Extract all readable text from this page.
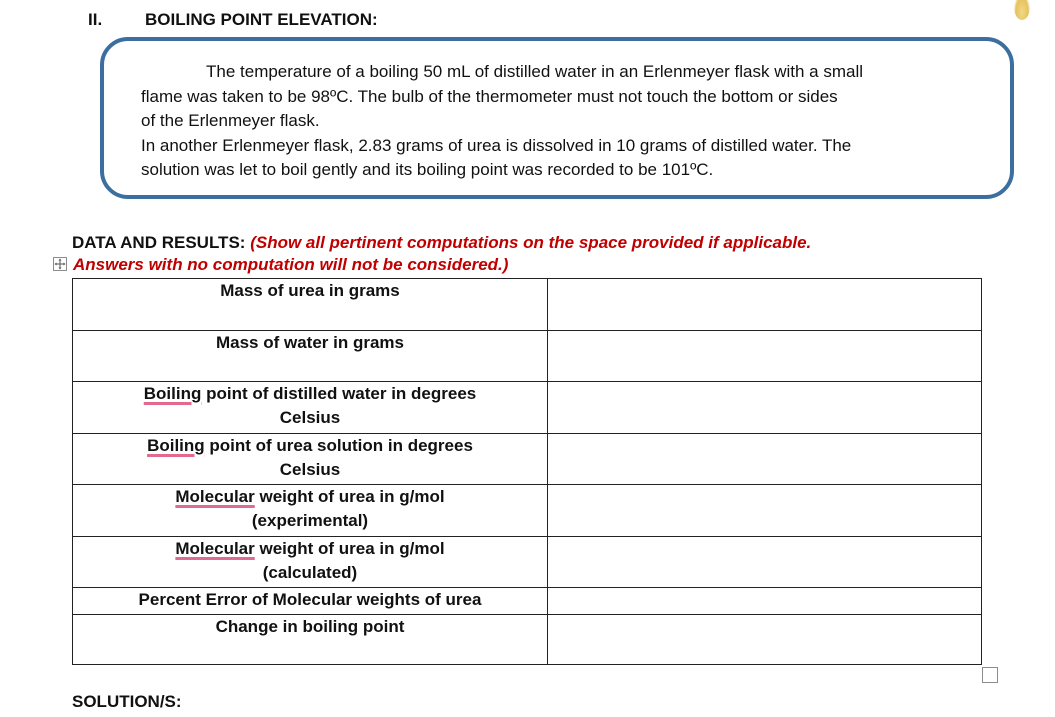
II.	BOILING POINT ELEVATION:

The temperature of a boiling 50 mL of distilled water in an Erlenmeyer flask with a small

flame was taken to be 98ºC. The bulb of the thermometer must not touch the bottom or sides

of the Erlenmeyer flask.

In another Erlenmeyer flask, 2.83 grams of urea is dissolved in 10 grams of distilled water. The

solution was let to boil gently and its boiling point was recorded to be 101ºC.

DATA AND RESULTS: (Show all pertinent computations on the space provided if applicable.
Answers with no computation will not be considered.)
Mass of urea in grams	
Mass of water in grams	
Boiling point of distilled water in degrees
Celsius	
Boiling point of urea solution in degrees
Celsius	
Molecular weight of urea in g/mol
(experimental)	
Molecular weight of urea in g/mol
(calculated)	
Percent Error of Molecular weights of urea	
Change in boiling point	
SOLUTION/S:
